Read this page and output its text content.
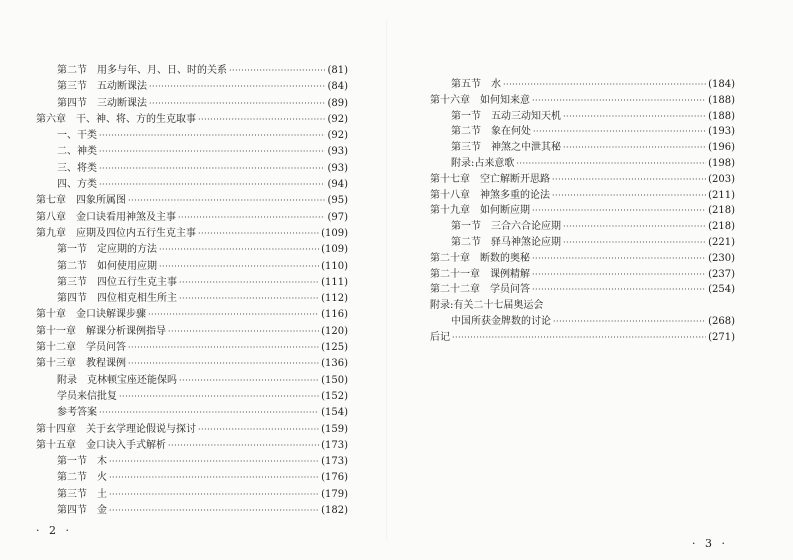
第二节 用多与年、月、日、时的关系 ·····	(81)
第三节 五动断课法 ·····	(84)
第四节 三动断课法 ·····	(89)
第六章 干、神、将、方的生克取事 ·····	(92)
一、干类 ·····	(92)
二、神类 ·····	(93)
三、将类 ·····	(93)
四、方类 ·····	(94)
第七章 四象所属图 ·····	(95)
第八章 金口诀看用神煞及主事 ·····	(97)
第九章 应期及四位内五行生克主事 ·····	(109)
第一节 定应期的方法 ·····	(109)
第二节 如何使用应期 ·····	(110)
第三节 四位五行生克主事 ·····	(111)
第四节 四位相克相生所主 ·····	(112)
第十章 金口诀解课步骤 ·····	(116)
第十一章 解课分析课例指导 ·····	(120)
第十二章 学员问答 ·····	(125)
第十三章 教程课例 ·····	(136)
附录 克林顿宝座还能保吗 ·····	(150)
学员来信批复 ·····	(152)
参考答案 ·····	(154)
第十四章 关于玄学理论假说与探讨 ·····	(159)
第十五章 金口诀入手式解析 ·····	(173)
第一节 木 ·····	(173)
第二节 火 ·····	(176)
第三节 土 ·····	(179)
第四节 金 ·····	(182)
第五节 水 ·····	(184)
第十六章 如何知来意 ·····	(188)
第一节 五动三动知天机 ·····	(188)
第二节 象在何处 ·····	(193)
第三节 神煞之中泄其秘 ·····	(196)
附录:占来意歌 ·····	(198)
第十七章 空亡解断开思路 ·····	(203)
第十八章 神煞多重的论法 ·····	(211)
第十九章 如何断应期 ·····	(218)
第一节 三合六合论应期 ·····	(218)
第二节 驿马神煞论应期 ·····	(221)
第二十章 断数的奥秘 ·····	(230)
第二十一章 课例精解 ·····	(237)
第二十二章 学员问答 ·····	(254)
附录:有关二十七届奥运会
中国所获金牌数的讨论 ·····	(268)
后记 ·····	(271)
· 2 ·
· 3 ·
